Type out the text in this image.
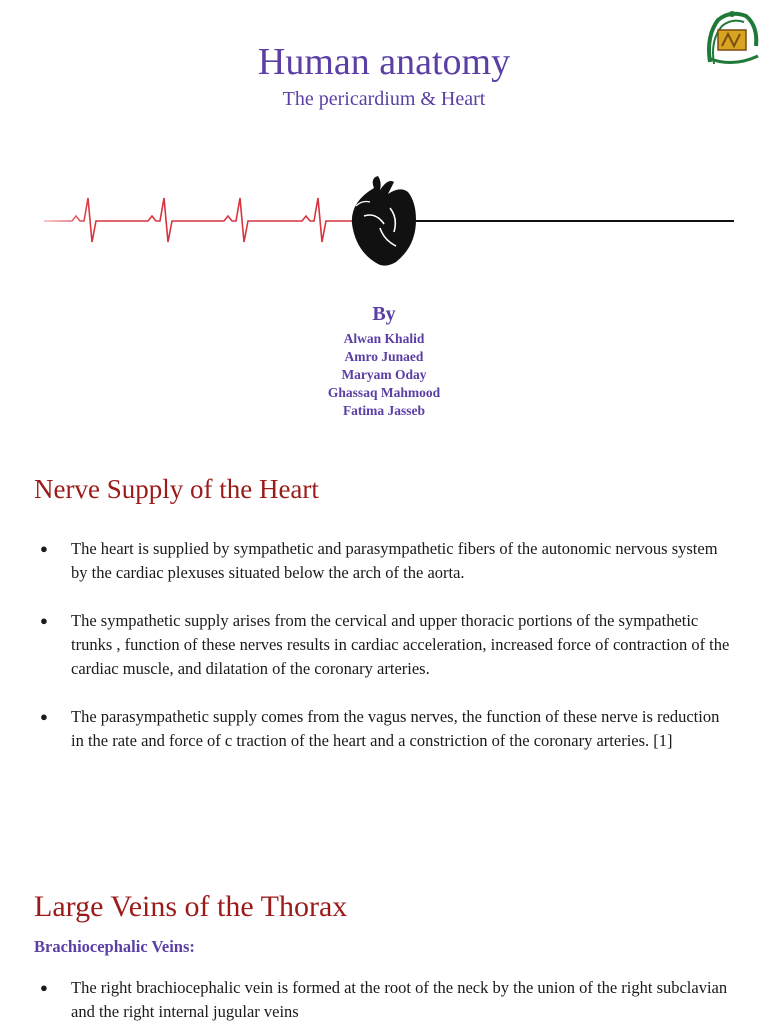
Human anatomy
The pericardium & Heart
By
Alwan Khalid
Amro Junaed
Maryam Oday
Ghassaq Mahmood
Fatima Jasseb
Nerve Supply of the Heart
● The heart is supplied by sympathetic and parasympathetic fibers of the autonomic nervous system by the cardiac plexuses situated below the arch of the aorta.
● The sympathetic supply arises from the cervical and upper thoracic portions of the sympathetic trunks , function of these nerves results in cardiac acceleration, increased force of contraction of the cardiac muscle, and dilatation of the coronary arteries.
● The parasympathetic supply comes from the vagus nerves, the function of these nerve is reduction in the rate and force of c traction of the heart and a constriction of the coronary arteries. [1]
Large Veins of the Thorax
Brachiocephalic Veins:
● The right brachiocephalic vein is formed at the root of the neck by the union of the right subclavian and the right internal jugular veins
